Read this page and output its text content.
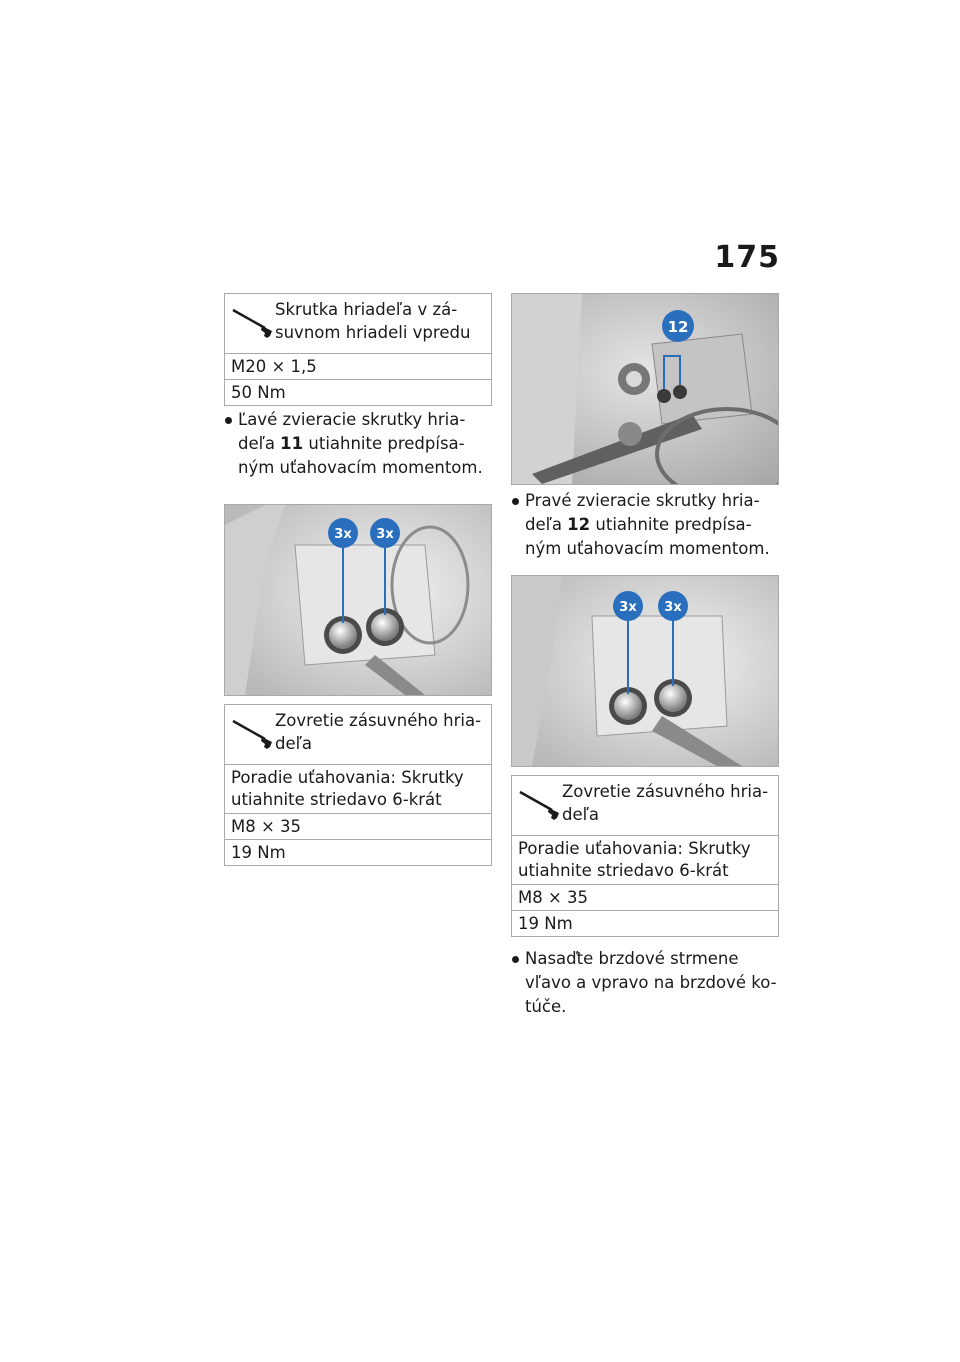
175
Skrutka hriadeľa v zá-
suvnom hriadeli vpredu
M20 × 1,5
50 Nm
Ľavé zvieracie skrutky hria-
deľa 11 utiahnite predpísa-
ným uťahovacím momentom.
3x 3x
Zovretie zásuvného hria-
deľa
Poradie uťahovania: Skrutky utiahnite striedavo 6-krát
M8 × 35
19 Nm
12
Pravé zvieracie skrutky hria-
deľa 12 utiahnite predpísa-
ným uťahovacím momentom.
3x 3x
Zovretie zásuvného hria-
deľa
Poradie uťahovania: Skrutky utiahnite striedavo 6-krát
M8 × 35
19 Nm
Nasaďte brzdové strmene
vľavo a vpravo na brzdové ko-
túče.
